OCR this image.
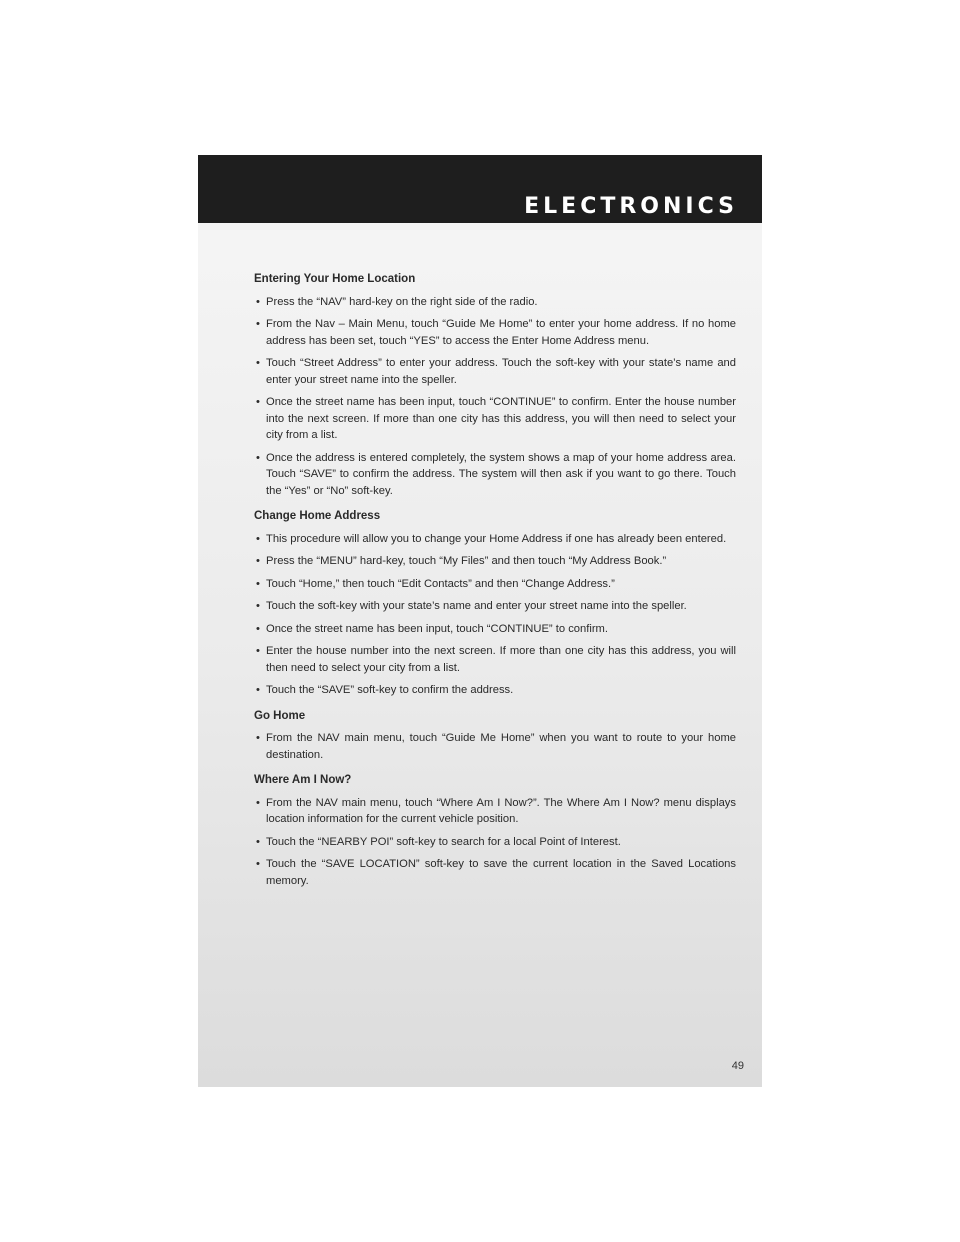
ELECTRONICS
Entering Your Home Location
• Press the “NAV” hard-key on the right side of the radio.
• From the Nav – Main Menu, touch “Guide Me Home” to enter your home address. If no home address has been set, touch “YES” to access the Enter Home Address menu.
• Touch “Street Address” to enter your address. Touch the soft-key with your state’s name and enter your street name into the speller.
• Once the street name has been input, touch “CONTINUE” to confirm. Enter the house number into the next screen. If more than one city has this address, you will then need to select your city from a list.
• Once the address is entered completely, the system shows a map of your home address area. Touch “SAVE” to confirm the address. The system will then ask if you want to go there. Touch the “Yes” or “No” soft-key.
Change Home Address
• This procedure will allow you to change your Home Address if one has already been entered.
• Press the “MENU” hard-key, touch “My Files” and then touch “My Address Book.”
• Touch “Home,” then touch “Edit Contacts” and then “Change Address.”
• Touch the soft-key with your state’s name and enter your street name into the speller.
• Once the street name has been input, touch “CONTINUE” to confirm.
• Enter the house number into the next screen. If more than one city has this address, you will then need to select your city from a list.
• Touch the “SAVE” soft-key to confirm the address.
Go Home
• From the NAV main menu, touch “Guide Me Home” when you want to route to your home destination.
Where Am I Now?
• From the NAV main menu, touch “Where Am I Now?”. The Where Am I Now? menu displays location information for the current vehicle position.
• Touch the “NEARBY POI” soft-key to search for a local Point of Interest.
• Touch the “SAVE LOCATION” soft-key to save the current location in the Saved Locations memory.
49
